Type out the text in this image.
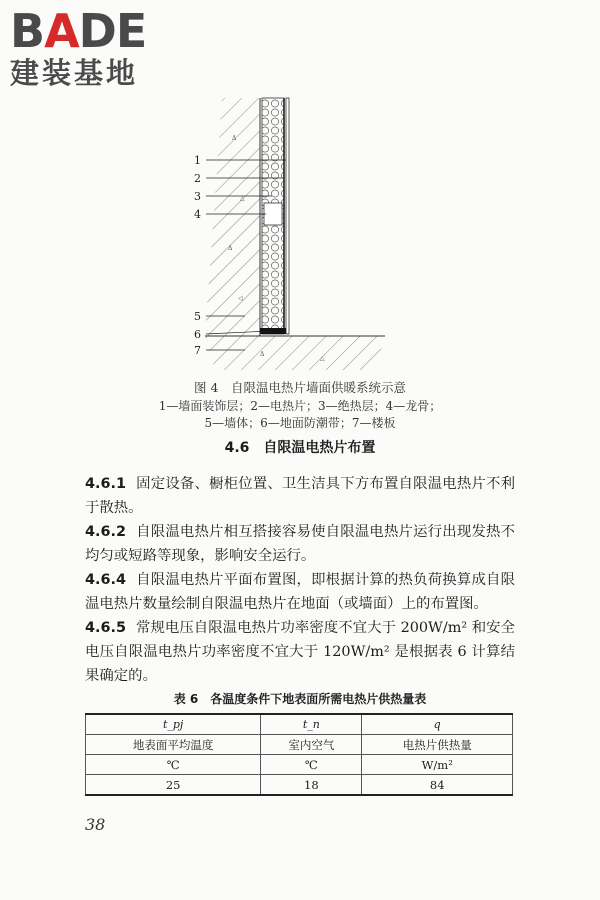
BADE
建装基地
Δ
△
Δ
◁
Δ
△
1
2
3
4
5
6
7
图 4　自限温电热片墙面供暖系统示意
1—墙面装饰层；2—电热片；3—绝热层；4—龙骨；
5—墙体；6—地面防潮带；7—楼板
4.6　 自限温电热片布置
4.6.1 固定设备、橱柜位置、卫生洁具下方布置自限温电热片不利于散热。
4.6.2 自限温电热片相互搭接容易使自限温电热片运行出现发热不均匀或短路等现象，影响安全运行。
4.6.4 自限温电热片平面布置图，即根据计算的热负荷换算成自限温电热片数量绘制自限温电热片在地面（或墙面）上的布置图。
4.6.5 常规电压自限温电热片功率密度不宜大于 200W/m² 和安全电压自限温电热片功率密度不宜大于 120W/m² 是根据表 6 计算结果确定的。
表 6　各温度条件下地表面所需电热片供热量表
t_pj	t_n	q
地表面平均温度	室内空气	电热片供热量
℃	℃	W/m²
25	18	84
38
